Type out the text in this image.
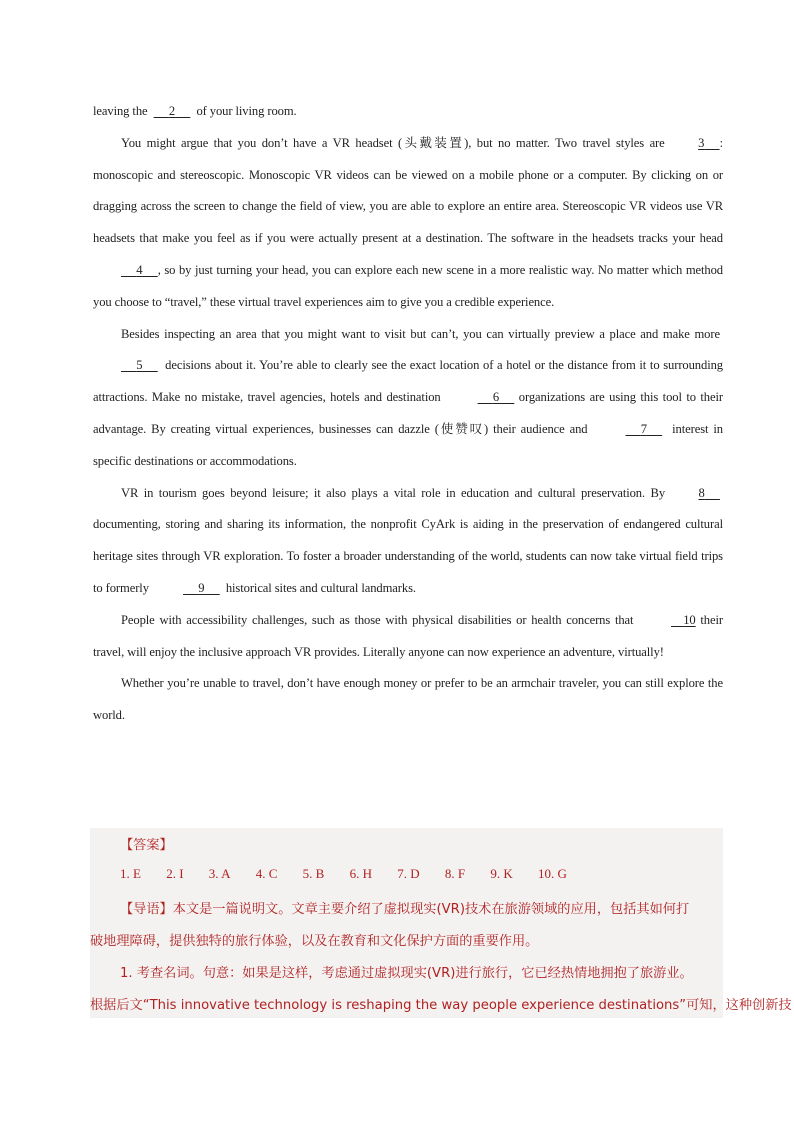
leaving the 2 of your living room.

You might argue that you don’t have a VR headset (头戴装置), but no matter. Two travel styles are	3 : monoscopic and stereoscopic. Monoscopic VR videos can be viewed on a mobile phone or a computer. By clicking on or dragging across the screen to change the field of view, you are able to explore an entire area. Stereoscopic VR videos use VR headsets that make you feel as if you were actually present at a destination. The software in the headsets tracks your head      4 , so by just turning your head, you can explore each new scene in a more realistic way. No matter which method you choose to “travel,” these virtual travel experiences aim to give you a credible experience.

Besides inspecting an area that you might want to visit but can’t, you can virtually preview a place and make more       5 decisions about it. You’re able to clearly see the exact location of a hotel or the distance from it to surrounding attractions. Make no mistake, travel agencies, hotels and destination	6 organizations are using this tool to their advantage. By creating virtual experiences, businesses can dazzle (使赞叹) their audience and	7 interest in specific destinations or accommodations.

VR in tourism goes beyond leisure; it also plays a vital role in education and cultural preservation. By	8       documenting, storing and sharing its information, the nonprofit CyArk is aiding in the preservation of endangered cultural heritage sites through VR exploration. To foster a broader understanding of the world, students can now take virtual field trips to formerly	9 historical sites and cultural landmarks.

People with accessibility challenges, such as those with physical disabilities or health concerns that	10 their travel, will enjoy the inclusive approach VR provides. Literally anyone can now experience an adventure, virtually!

Whether you’re unable to travel, don’t have enough money or prefer to be an armchair traveler, you can still explore the world.

【答案】
1. E 2. I 3. A 4. C 5. B 6. H 7. D 8. F 9. K 10. G
【导语】本文是一篇说明文。文章主要介绍了虚拟现实(VR)技术在旅游领域的应用，包括其如何打
破地理障碍，提供独特的旅行体验，以及在教育和文化保护方面的重要作用。
1. 考查名词。句意：如果是这样，考虑通过虚拟现实(VR)进行旅行，它已经热情地拥抱了旅游业。
根据后文“This innovative technology is reshaping the way people experience destinations”可知，这种创新技
